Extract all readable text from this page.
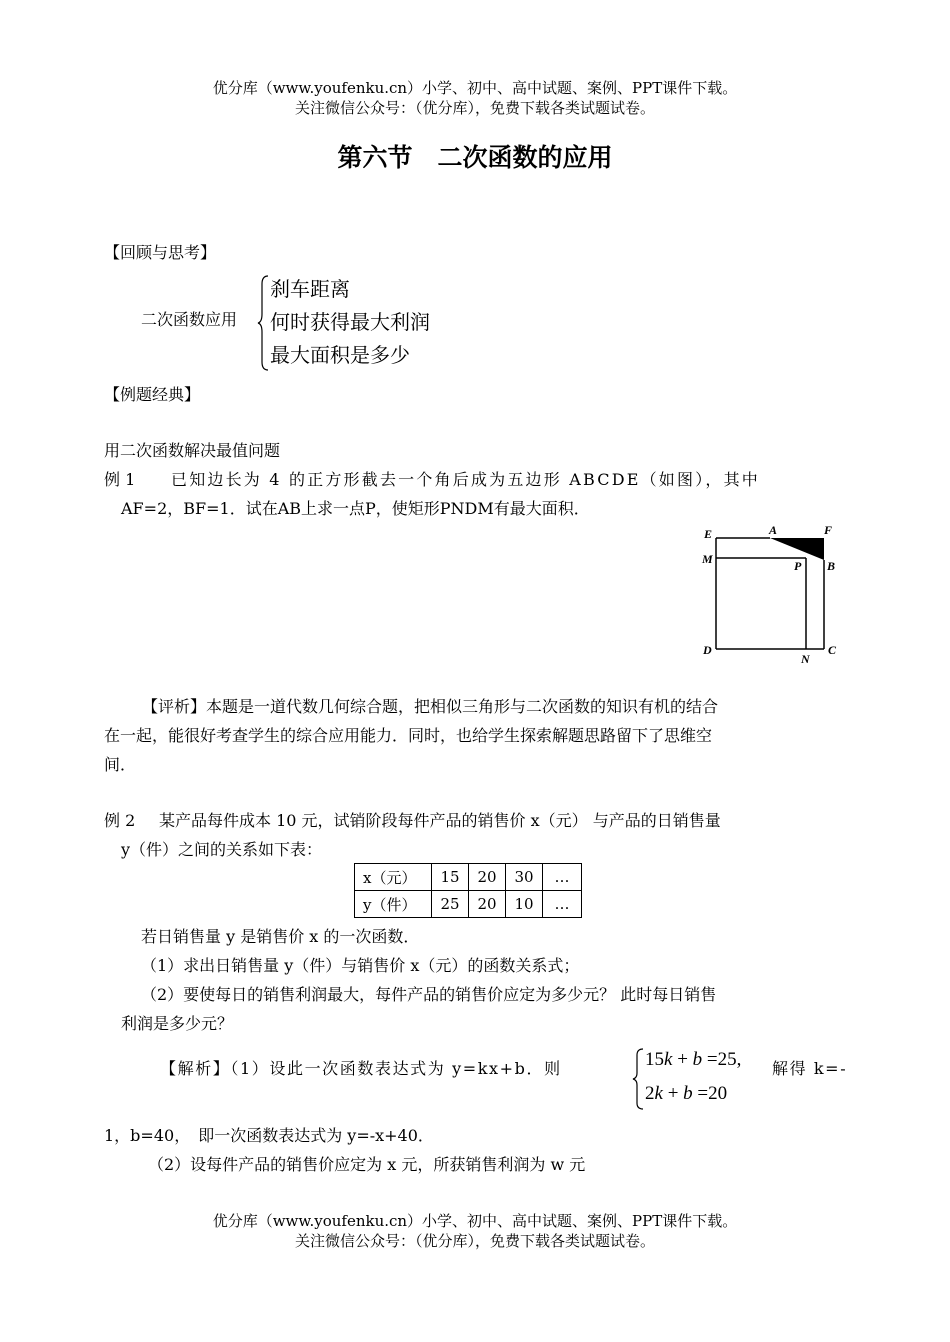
优分库（www.youfenku.cn）小学、初中、高中试题、案例、PPT课件下载。
关注微信公众号：（优分库），免费下载各类试题试卷。
第六节　二次函数的应用
【回顾与思考】
二次函数应用
刹车距离
何时获得最大利润
最大面积是多少
【例题经典】
用二次函数解决最值问题
例 1 已知边长为 4 的正方形截去一个角后成为五边形 ABCDE（如图），其中
AF=2，BF=1．试在AB上求一点P，使矩形PNDM有最大面积．
E	A	F
M	P B
D
N
C
【评析】本题是一道代数几何综合题，把相似三角形与二次函数的知识有机的结合
在一起，能很好考查学生的综合应用能力．同时，也给学生探索解题思路留下了思维空
间．
例 2 某产品每件成本 10 元，试销阶段每件产品的销售价 x（元） 与产品的日销售量
y（件）之间的关系如下表：
x（元）	15	20	30	…
y（件）	25	20	10	…
若日销售量 y 是销售价 x 的一次函数．
（1）求出日销售量 y（件）与销售价 x（元）的函数关系式；
（2）要使每日的销售利润最大，每件产品的销售价应定为多少元？ 此时每日销售
利润是多少元？
【解析】（1）设此一次函数表达式为 y=kx+b．则	15k + b =25,
2k + b =20
解得 k=-
1，b=40，　即一次函数表达式为 y=-x+40．
（2）设每件产品的销售价应定为 x 元，所获销售利润为 w 元
优分库（www.youfenku.cn）小学、初中、高中试题、案例、PPT课件下载。
关注微信公众号：（优分库），免费下载各类试题试卷。
